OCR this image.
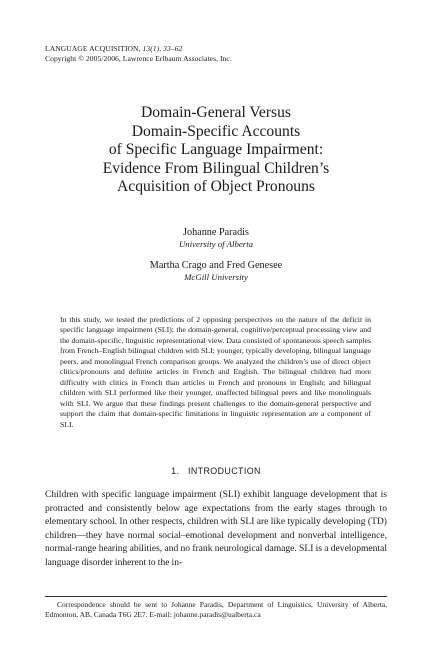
LANGUAGE ACQUISITION, 13(1), 33–62
Copyright © 2005/2006, Lawrence Erlbaum Associates, Inc.
Domain-General Versus
Domain-Specific Accounts
of Specific Language Impairment:
Evidence From Bilingual Children’s
Acquisition of Object Pronouns
Johanne Paradis
University of Alberta
Martha Crago and Fred Genesee
McGill University
In this study, we tested the predictions of 2 opposing perspectives on the nature of the deficit in specific language impairment (SLI): the domain-general, cognitive/perceptual processing view and the domain-specific, linguistic representational view. Data consisted of spontaneous speech samples from French–English bilingual children with SLI; younger, typically developing, bilingual language peers, and monolingual French comparison groups. We analyzed the children’s use of direct object clitics/pronouns and definite articles in French and English. The bilingual children had more difficulty with clitics in French than articles in French and pronouns in English; and bilingual children with SLI performed like their younger, unaffected bilingual peers and like monolinguals with SLI. We argue that these findings present challenges to the domain-general perspective and support the claim that domain-specific limitations in linguistic representation are a component of SLI.
1. INTRODUCTION
Children with specific language impairment (SLI) exhibit language development that is protracted and consistently below age expectations from the early stages through to elementary school. In other respects, children with SLI are like typically developing (TD) children—they have normal social–emotional development and nonverbal intelligence, normal-range hearing abilities, and no frank neurological damage. SLI is a developmental language disorder inherent to the in-
Correspondence should be sent to Johanne Paradis, Department of Linguistics, University of Alberta, Edmonton, AB, Canada T6G 2E7. E-mail: johanne.paradis@ualberta.ca
